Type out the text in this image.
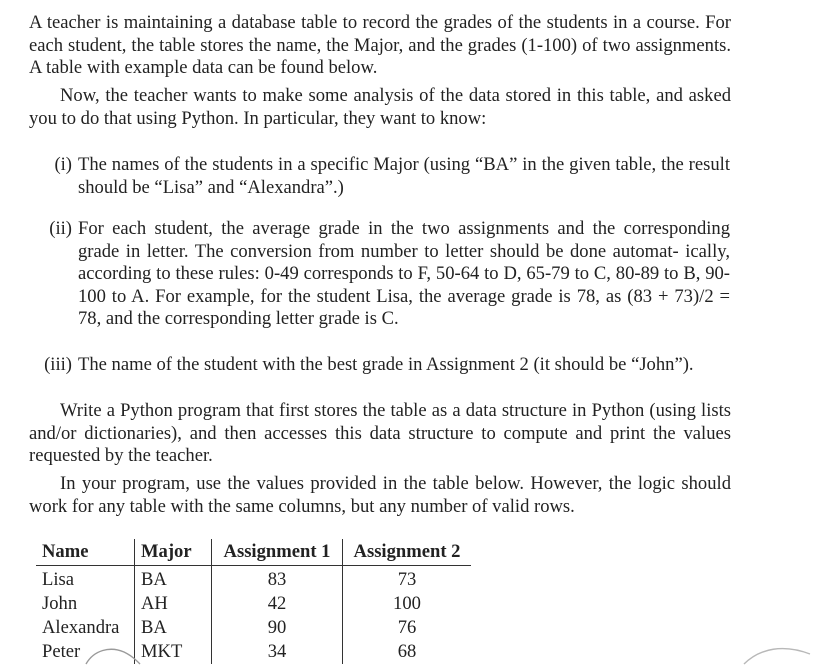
A teacher is maintaining a database table to record the grades of the students in a course. For each student, the table stores the name, the Major, and the grades (1-100) of two assignments. A table with example data can be found below.

Now, the teacher wants to make some analysis of the data stored in this table, and asked you to do that using Python. In particular, they want to know:

(i) The names of the students in a specific Major (using “BA” in the given table, the result should be “Lisa” and “Alexandra”.)
(ii) For each student, the average grade in the two assignments and the corresponding grade in letter. The conversion from number to letter should be done automat- ically, according to these rules: 0-49 corresponds to F, 50-64 to D, 65-79 to C, 80-89 to B, 90-100 to A. For example, for the student Lisa, the average grade is 78, as (83 + 73)/2 = 78, and the corresponding letter grade is C.
(iii) The name of the student with the best grade in Assignment 2 (it should be “John”).

Write a Python program that first stores the table as a data structure in Python (using lists and/or dictionaries), and then accesses this data structure to compute and print the values requested by the teacher.

In your program, use the values provided in the table below. However, the logic should work for any table with the same columns, but any number of valid rows.

Name	Major	Assignment 1	Assignment 2
Lisa	BA	83	73
John	AH	42	100
Alexandra	BA	90	76
Peter	MKT	34	68
